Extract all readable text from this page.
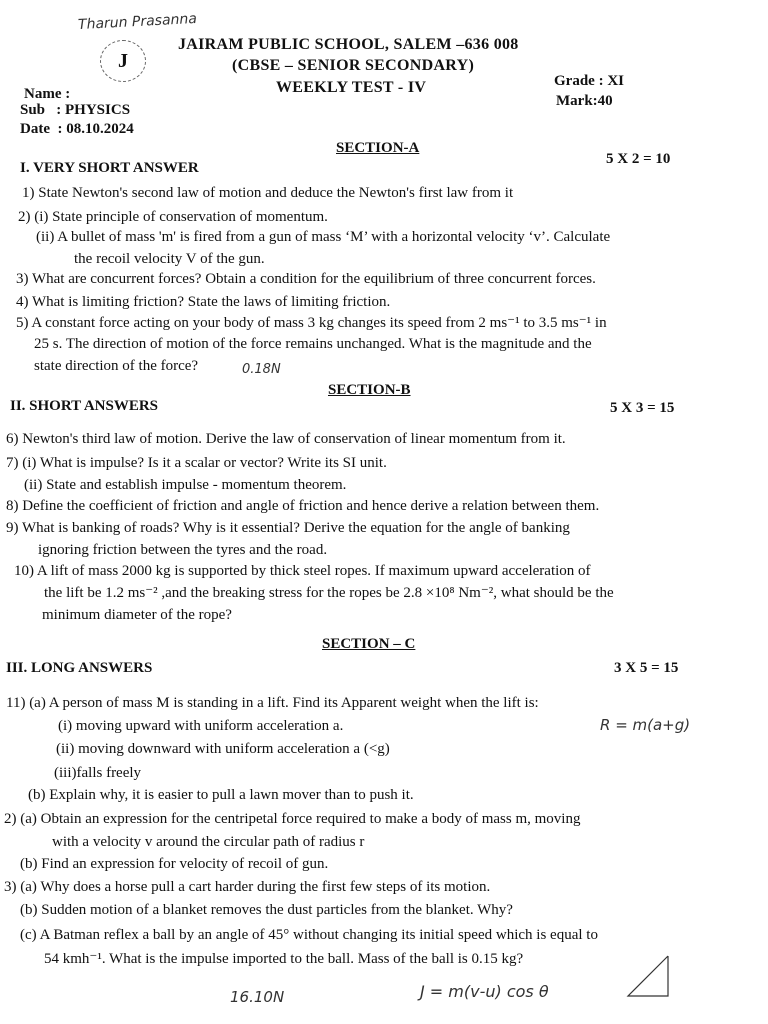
Tharun Prasanna
J
JAIRAM PUBLIC SCHOOL, SALEM –636 008
(CBSE – SENIOR SECONDARY)
WEEKLY TEST - IV
Name :
Sub   : PHYSICS
Date  : 08.10.2024
Grade : XI
Mark:40
SECTION-A
I. VERY SHORT ANSWER
5 X 2 = 10
1) State Newton's second law of motion and deduce the Newton's first law from it
2) (i) State principle of conservation of momentum.
(ii) A bullet of mass 'm' is fired from a gun of mass ‘M’ with a horizontal velocity ‘v’. Calculate
the recoil velocity V of the gun.
3) What are concurrent forces? Obtain a condition for the equilibrium of three concurrent forces.
4) What is limiting friction? State the laws of limiting friction.
5) A constant force acting on your body of mass 3 kg changes its speed from 2 ms⁻¹ to 3.5 ms⁻¹ in
25 s. The direction of motion of the force remains unchanged. What is the magnitude and the
state direction of the force?	0.18N
SECTION-B
II. SHORT ANSWERS	5 X 3 = 15
6) Newton's third law of motion. Derive the law of conservation of linear momentum from it.
7) (i) What is impulse? Is it a scalar or vector? Write its SI unit.
(ii) State and establish impulse - momentum theorem.
8) Define the coefficient of friction and angle of friction and hence derive a relation between them.
9) What is banking of roads? Why is it essential? Derive the equation for the angle of banking
ignoring friction between the tyres and the road.
10) A lift of mass 2000 kg is supported by thick steel ropes. If maximum upward acceleration of
the lift be 1.2 ms⁻² ,and the breaking stress for the ropes be 2.8 ×10⁸ Nm⁻², what should be the
minimum diameter of the rope?
SECTION – C
III. LONG ANSWERS	3 X 5 = 15
11) (a) A person of mass M is standing in a lift. Find its Apparent weight when the lift is:
(i) moving upward with uniform acceleration a.
(ii) moving downward with uniform acceleration a (<g)
(iii)falls freely
(b) Explain why, it is easier to pull a lawn mover than to push it.
2) (a) Obtain an expression for the centripetal force required to make a body of mass m, moving
with a velocity v around the circular path of radius r
(b) Find an expression for velocity of recoil of gun.
3) (a) Why does a horse pull a cart harder during the first few steps of its motion.
(b) Sudden motion of a blanket removes the dust particles from the blanket. Why?
(c) A Batman reflex a ball by an angle of 45° without changing its initial speed which is equal to
54 kmh⁻¹. What is the impulse imported to the ball. Mass of the ball is 0.15 kg?
R = m(a+g)
16.10N	J = m(v-u) cos θ
